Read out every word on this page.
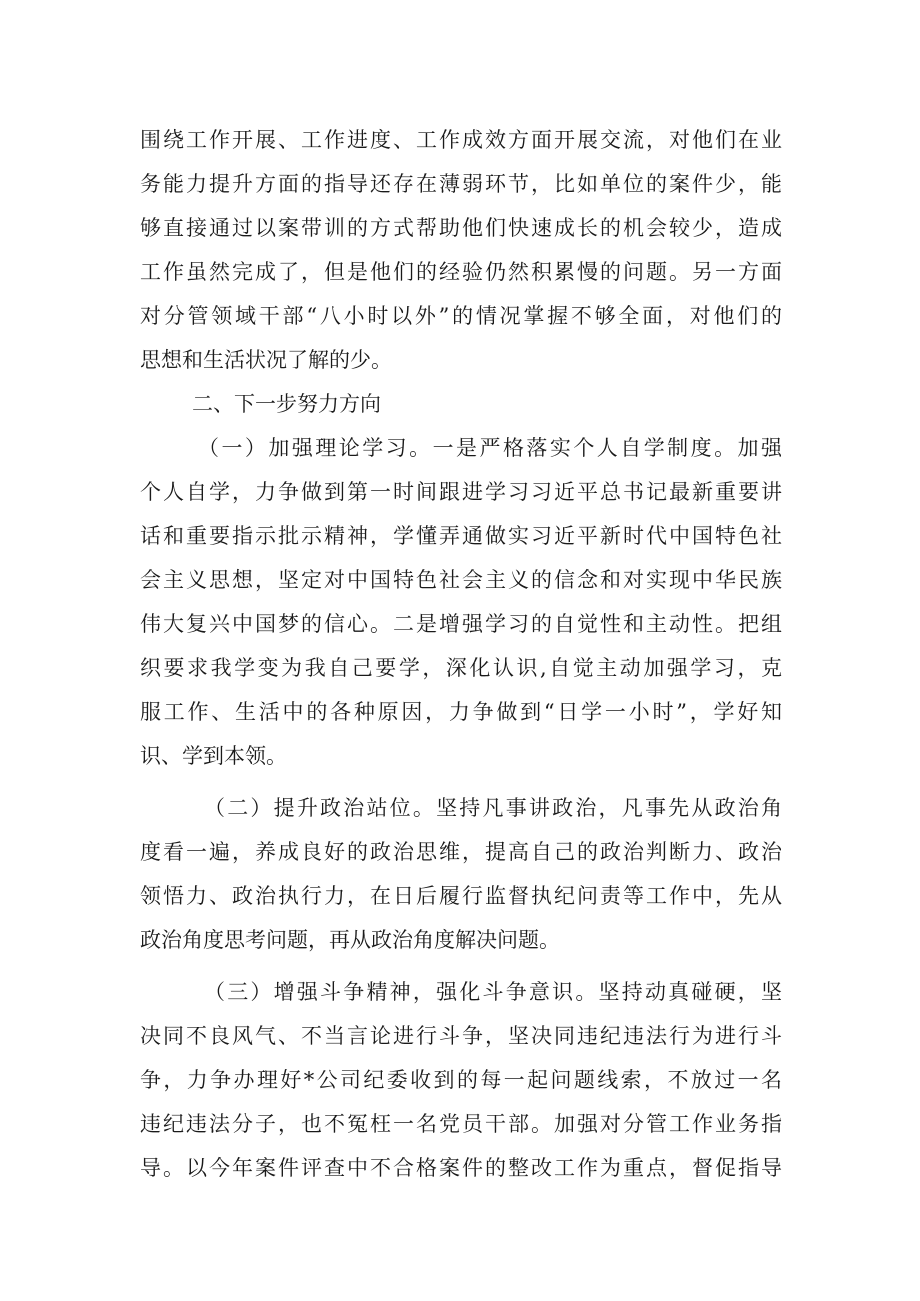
围绕工作开展、工作进度、工作成效方面开展交流，对他们在业
务能力提升方面的指导还存在薄弱环节，比如单位的案件少，能
够直接通过以案带训的方式帮助他们快速成长的机会较少，造成
工作虽然完成了，但是他们的经验仍然积累慢的问题。另一方面
对分管领域干部“八小时以外”的情况掌握不够全面，对他们的
思想和生活状况了解的少。
二、下一步努力方向
（一）加强理论学习。一是严格落实个人自学制度。加强
个人自学，力争做到第一时间跟进学习习近平总书记最新重要讲
话和重要指示批示精神，学懂弄通做实习近平新时代中国特色社
会主义思想，坚定对中国特色社会主义的信念和对实现中华民族
伟大复兴中国梦的信心。二是增强学习的自觉性和主动性。把组
织要求我学变为我自己要学，深化认识,自觉主动加强学习，克
服工作、生活中的各种原因，力争做到“日学一小时”，学好知
识、学到本领。
（二）提升政治站位。坚持凡事讲政治，凡事先从政治角
度看一遍，养成良好的政治思维，提高自己的政治判断力、政治
领悟力、政治执行力，在日后履行监督执纪问责等工作中，先从
政治角度思考问题，再从政治角度解决问题。
（三）增强斗争精神，强化斗争意识。坚持动真碰硬，坚
决同不良风气、不当言论进行斗争，坚决同违纪违法行为进行斗
争，力争办理好*公司纪委收到的每一起问题线索，不放过一名
违纪违法分子，也不冤枉一名党员干部。加强对分管工作业务指
导。以今年案件评查中不合格案件的整改工作为重点，督促指导
